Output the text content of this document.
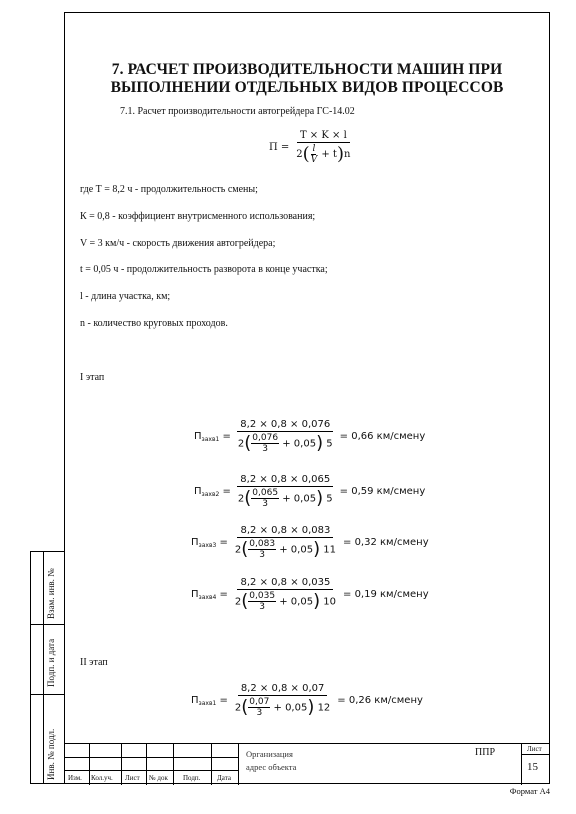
7. РАСЧЕТ ПРОИЗВОДИТЕЛЬНОСТИ МАШИН ПРИ
ВЫПОЛНЕНИИ ОТДЕЛЬНЫХ ВИДОВ ПРОЦЕССОВ
7.1. Расчет производительности автогрейдера ГС-14.02
$П = \frac{T \times K \times l}{2( \frac{l}{V} + t)n}$
где Т = 8,2 ч - продолжительность смены;
К = 0,8 - коэффициент внутрисменного использования;
V = 3 км/ч - скорость движения автогрейдера;
t = 0,05 ч - продолжительность разворота в конце участка;
l - длина участка, км;
n - количество круговых проходов.
I этап
$П_{захв1} = \frac{8,2 \times 0,8 \times 0,076}{2( \frac{0,076}{3} + 0,05) 5} = 0,66$ км/смену
$П_{захв2} = \frac{8,2 \times 0,8 \times 0,065}{2( \frac{0,065}{3} + 0,05) 5} = 0,59$ км/смену
$П_{захв3} = \frac{8,2 \times 0,8 \times 0,083}{2( \frac{0,083}{3} + 0,05) 11} = 0,32$ км/смену
$П_{захв4} = \frac{8,2 \times 0,8 \times 0,035}{2( \frac{0,035}{3} + 0,05) 10} = 0,19$ км/смену
II этап
$П_{захв1} = \frac{8,2 \times 0,8 \times 0,07}{2( \frac{0,07}{3} + 0,05) 12} = 0,26$ км/смену
Взам. инв. №
Подп. и дата
Инв. № подл. Изм. Кол.уч. Лист № док Подп. Дата
Организация
адрес объекта
ППР	Лист
15
Формат А4
